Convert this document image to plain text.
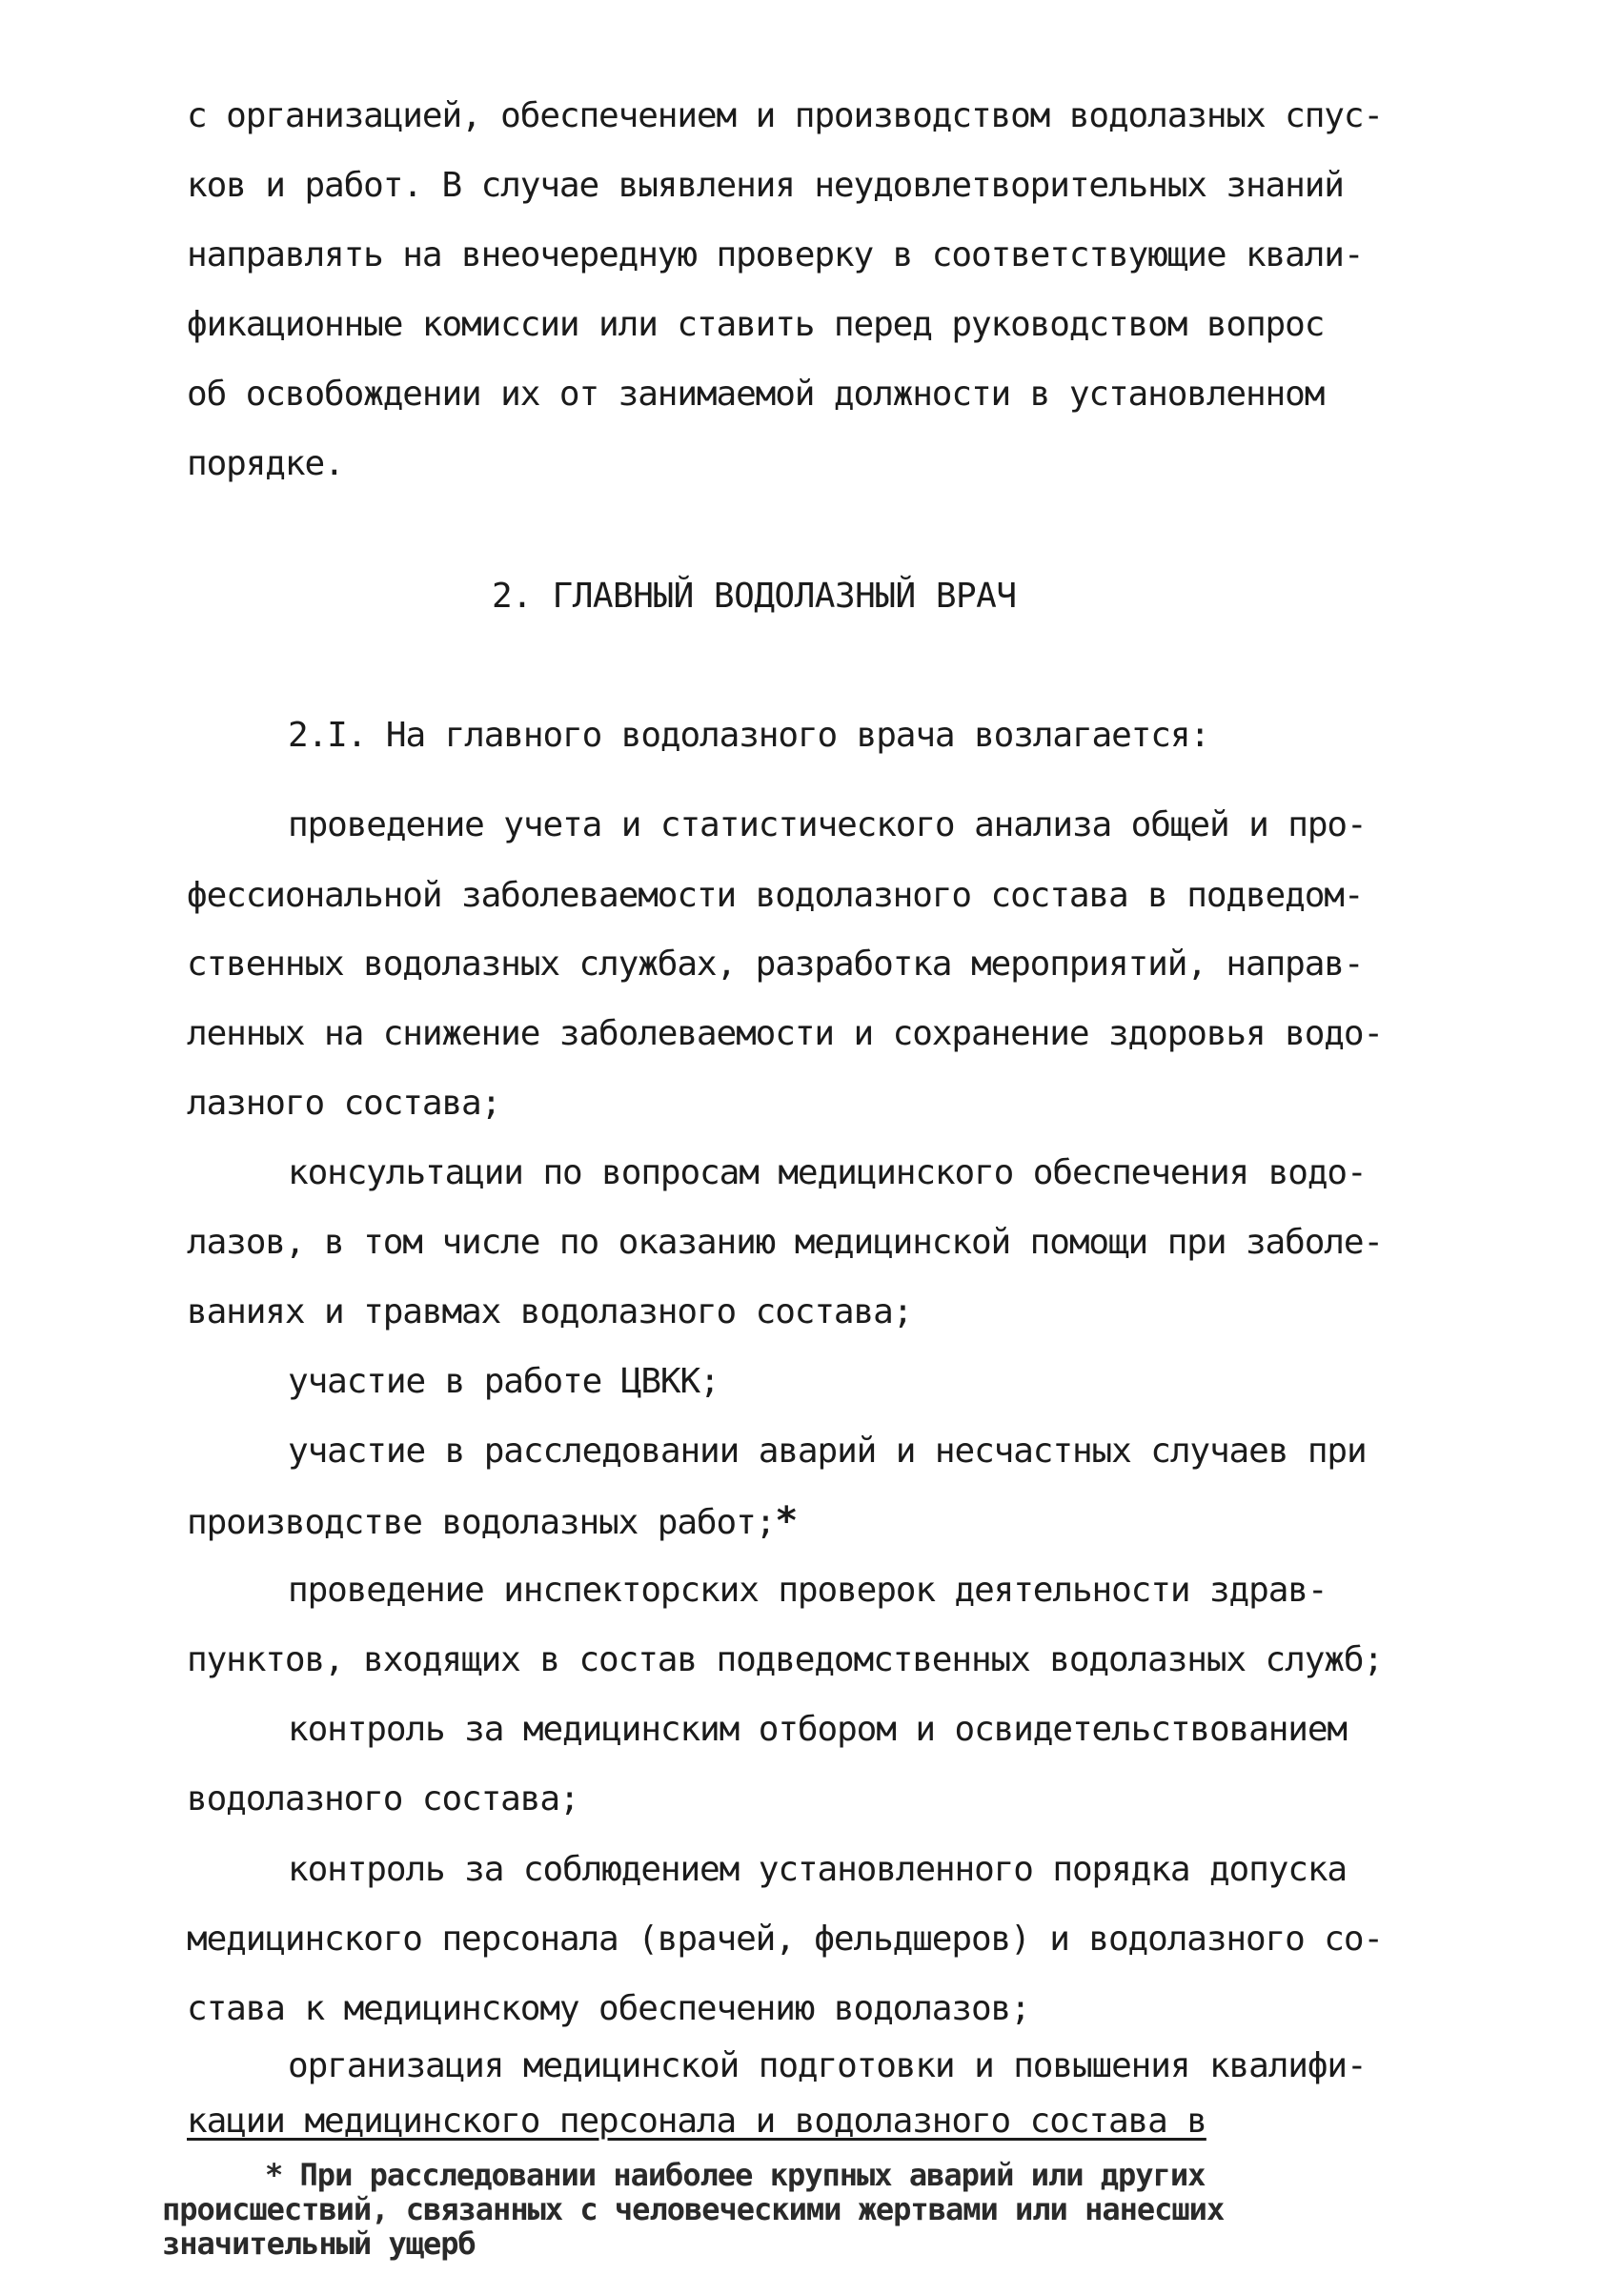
с организацией, обеспечением и производством водолазных спус-
ков и работ. В случае выявления неудовлетворительных знаний
направлять на внеочередную проверку в соответствующие квали-
фикационные комиссии или ставить перед руководством вопрос
об освобождении их от занимаемой должности в установленном
порядке.
2. ГЛАВНЫЙ ВОДОЛАЗНЫЙ ВРАЧ
2.I. На главного водолазного врача возлагается:
проведение учета и статистического анализа общей и про-
фессиональной заболеваемости водолазного состава в подведом-
ственных водолазных службах, разработка мероприятий, направ-
ленных на снижение заболеваемости и сохранение здоровья водо-
лазного состава;
консультации по вопросам медицинского обеспечения водо-
лазов, в том числе по оказанию медицинской помощи при заболе-
ваниях и травмах водолазного состава;
участие в работе ЦВКК;
участие в расследовании аварий и несчастных случаев при
производстве водолазных работ;*
проведение инспекторских проверок деятельности здрав-
пунктов, входящих в состав подведомственных водолазных служб;
контроль за медицинским отбором и освидетельствованием
водолазного состава;
контроль за соблюдением установленного порядка допуска
медицинского персонала (врачей, фельдшеров) и водолазного со-
става к медицинскому обеспечению водолазов;
организация медицинской подготовки и повышения квалифи-
кации медицинского персонала и водолазного состава в
* При расследовании наиболее крупных аварий или других
происшествий, связанных с человеческими жертвами или нанесших
значительный ущерб
